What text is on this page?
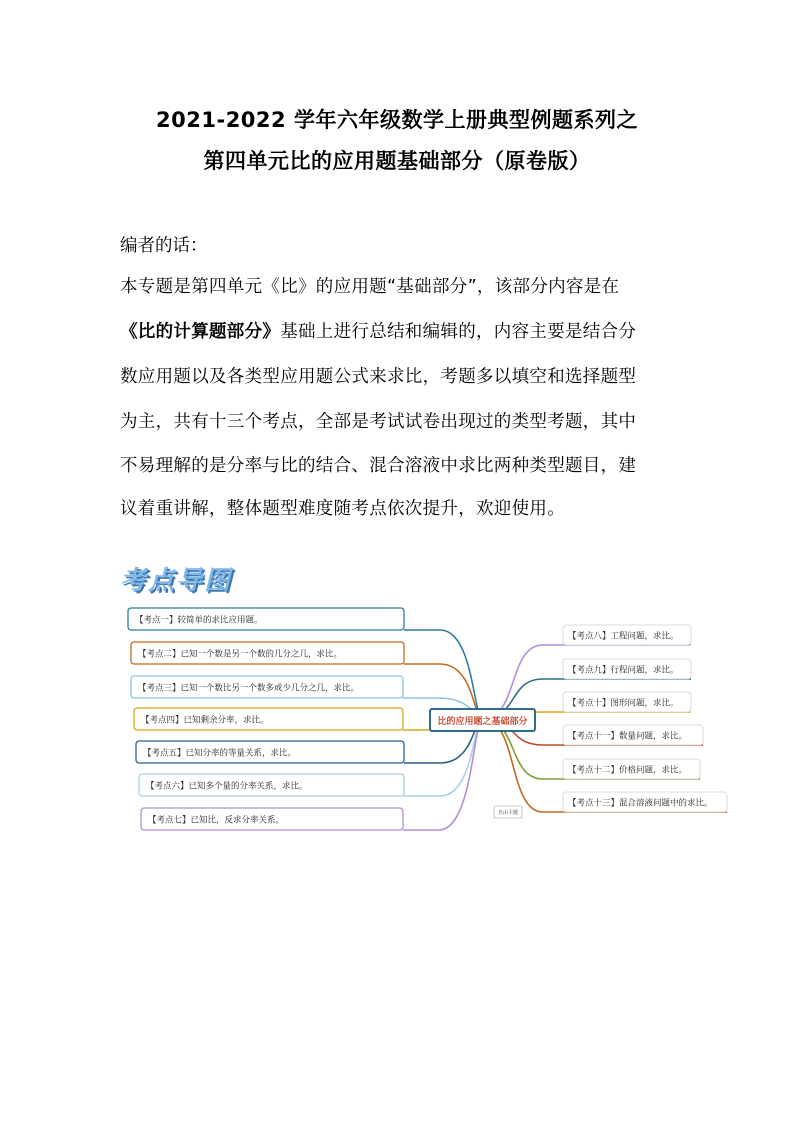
2021-2022 学年六年级数学上册典型例题系列之
第四单元比的应用题基础部分（原卷版）
编者的话：
本专题是第四单元《比》的应用题“基础部分”，该部分内容是在
《比的计算题部分》基础上进行总结和编辑的，内容主要是结合分
数应用题以及各类型应用题公式来求比，考题多以填空和选择题型
为主，共有十三个考点，全部是考试试卷出现过的类型考题，其中
不易理解的是分率与比的结合、混合溶液中求比两种类型题目，建
议着重讲解，整体题型难度随考点依次提升，欢迎使用。
考点导图
【考点一】较简单的求比应用题。
【考点二】已知一个数是另一个数的几分之几，求比。
【考点三】已知一个数比另一个数多或少几分之几，求比。
【考点四】已知剩余分率，求比。
【考点五】已知分率的等量关系，求比。
【考点六】已知多个量的分率关系，求比。
【考点七】已知比，反求分率关系。
【考点八】工程问题，求比。
【考点九】行程问题，求比。
【考点十】图形问题，求比。
【考点十一】数量问题，求比。
【考点十二】价格问题，求比。
【考点十三】混合溶液问题中的求比。
比的应用题之基础部分
自由主题
